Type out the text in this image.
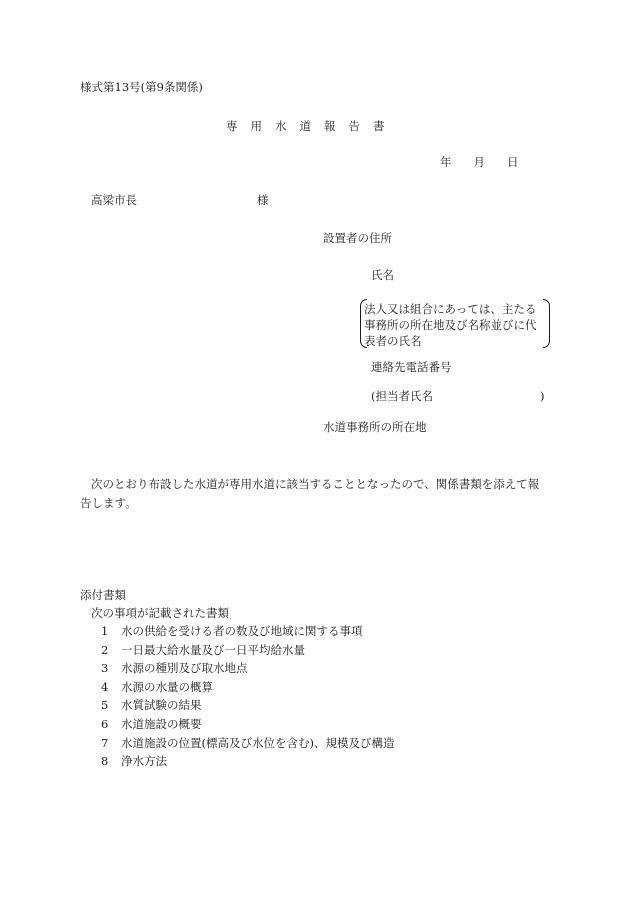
様式第13号(第9条関係)
専 用 水 道 報 告 書
年 月 日
高梁市長	様
設置者の住所
氏名
法人又は組合にあっては、主たる
事務所の所在地及び名称並びに代
表者の氏名
連絡先電話番号
(担当者氏名	)
水道事務所の所在地
次のとおり布設した水道が専用水道に該当することとなったので、関係書類を添えて報
告します。
添付書類
次の事項が記載された書類
1 水の供給を受ける者の数及び地域に関する事項
2 一日最大給水量及び一日平均給水量
3 水源の種別及び取水地点
4 水源の水量の概算
5 水質試験の結果
6 水道施設の概要
7 水道施設の位置(標高及び水位を含む)、規模及び構造
8 浄水方法
